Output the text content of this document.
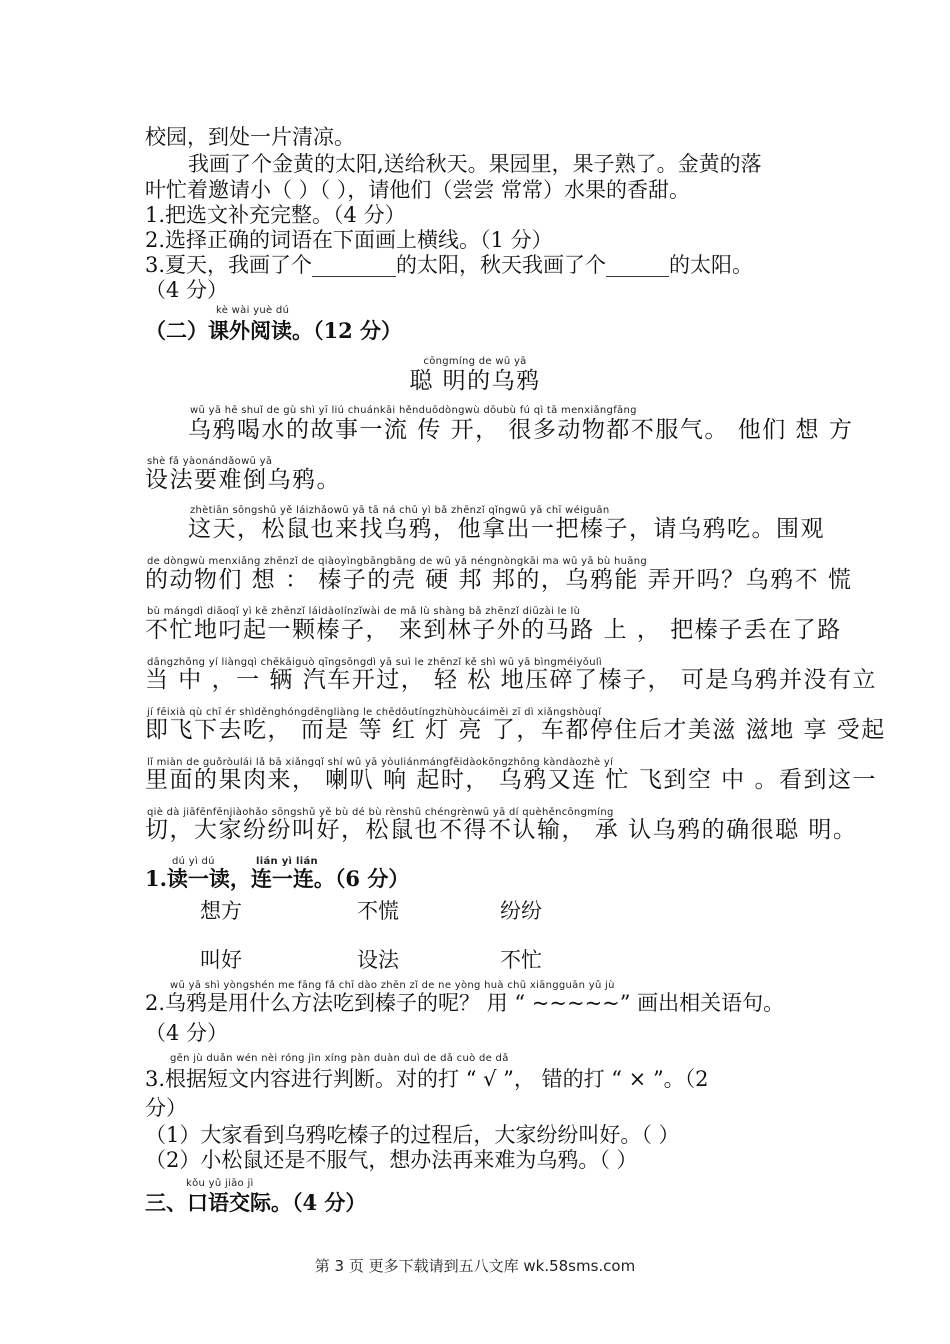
校园，到处一片清凉。
我画了个金黄的太阳,送给秋天。果园里，果子熟了。金黄的落
叶忙着邀请小（ ）（ ），请他们（尝尝 常常）水果的香甜。
1.把选文补充完整。（4 分）
2.选择正确的词语在下面画上横线。（1 分）
3.夏天，我画了个________的太阳，秋天我画了个______的太阳。
（4 分）
kè wài yuè dú
（二）课外阅读。（12 分）
cōngmíng de wū yā
聪 明的乌鸦
wū yā hē shuǐ de gù shì yī liú chuánkāi hěnduōdòngwù dōubù fú qì tā menxiǎngfāng
乌鸦喝水的故事一流 传 开， 很多动物都不服气。 他们 想 方
shè fǎ yàonándǎowū yā
设法要难倒乌鸦。
zhètiān sōngshǔ yě láizhǎowū yā tā ná chū yì bǎ zhēnzǐ qǐngwū yā chī wéiguān
这天，松鼠也来找乌鸦，他拿出一把榛子，请乌鸦吃。围观
de dòngwù menxiǎng zhēnzǐ de qiàoyìngbāngbāng de wū yā néngnòngkāi ma wū yā bù huāng
的动物们 想 ： 榛子的壳 硬 邦 邦的，乌鸦能 弄开吗？乌鸦不 慌
bù mángdì diāoqǐ yì kē zhēnzǐ láidàolínzǐwài de mǎ lù shàng bǎ zhēnzǐ diūzài le lù
不忙地叼起一颗榛子， 来到林子外的马路 上 ， 把榛子丢在了路
dāngzhōng yí liàngqì chēkāiguò qīngsōngdì yā suì le zhēnzǐ kě shì wū yā bìngméiyǒulì
当 中 ，一 辆 汽车开过， 轻 松 地压碎了榛子， 可是乌鸦并没有立
jí fēixià qù chī ér shìděnghóngdēngliàng le chēdōutíngzhùhòucáiměi zī dì xiǎngshòuqǐ
即飞下去吃， 而是 等 红 灯 亮 了，车都停住后才美滋 滋地 享 受起
lǐ miàn de guǒròulái lǎ bā xiǎngqǐ shí wū yā yòuliánmángfēidàokōngzhōng kàndàozhè yí
里面的果肉来， 喇叭 响 起时， 乌鸦又连 忙 飞到空 中 。看到这一
qiè dà jiāfēnfēnjiàohǎo sōngshǔ yě bù dé bù rènshū chéngrènwū yā dí quèhěncōngmíng
切，大家纷纷叫好，松鼠也不得不认输， 承 认乌鸦的确很聪 明。
dú yì dú	lián yì lián
1.读一读，连一连。（6 分）
想方	不慌	纷纷
叫好	设法	不忙
wū yā shì yòngshén me fāng fǎ chī dào zhēn zǐ de ne yòng huà chū xiāngguān yǔ jù
2.乌鸦是用什么方法吃到榛子的呢？ 用 “ ~~~~~” 画出相关语句。
（4 分）
gēn jù duǎn wén nèi róng jìn xíng pàn duàn duì de dǎ cuò de dǎ
3.根据短文内容进行判断。对的打 “ √ ”， 错的打 “ × ”。（2
分）
（1）大家看到乌鸦吃榛子的过程后，大家纷纷叫好。（ ）
（2）小松鼠还是不服气，想办法再来难为乌鸦。（ ）
kǒu yǔ jiāo jì
三、口语交际。（4 分）
第 3 页 更多下载请到五八文库 wk.58sms.com
